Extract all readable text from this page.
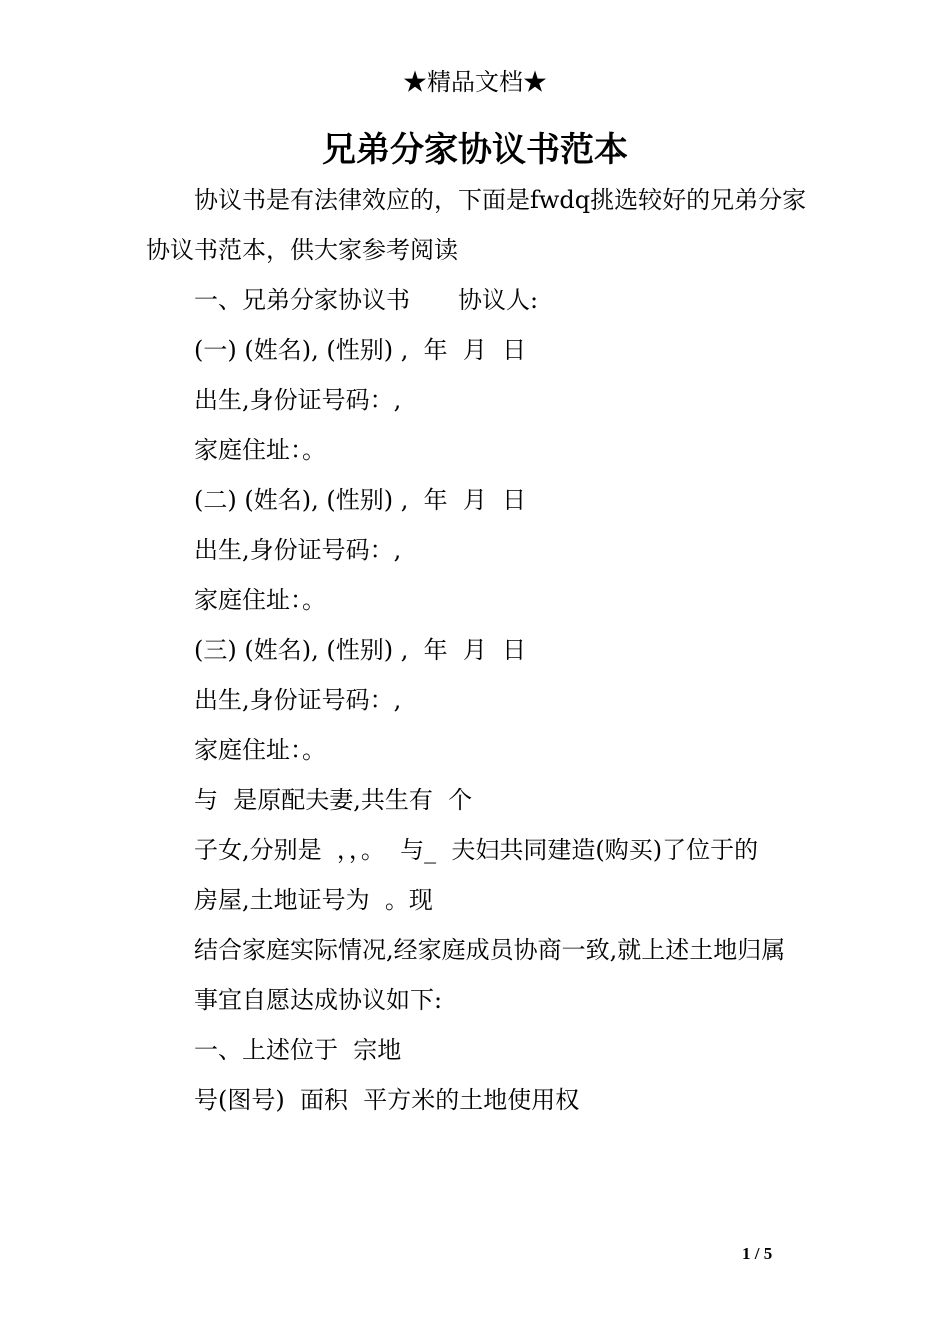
★精品文档★
兄弟分家协议书范本

协议书是有法律效应的，下面是fwdq挑选较好的兄弟分家协议书范本，供大家参考阅读

一、兄弟分家协议书　　协议人:

(一) (姓名), (性别) ,  年  月  日

出生,身份证号码：,

家庭住址：。

(二) (姓名), (性别) ,  年  月  日

出生,身份证号码：,

家庭住址：。

(三) (姓名), (性别) ,  年  月  日

出生,身份证号码：,

家庭住址：。

与  是原配夫妻,共生有  个

子女,分别是  ，，。  与_  夫妇共同建造(购买)了位于的

房屋,土地证号为  。现

结合家庭实际情况,经家庭成员协商一致,就上述土地归属

事宜自愿达成协议如下:

一、上述位于  宗地

号(图号)  面积  平方米的土地使用权

1 / 5
